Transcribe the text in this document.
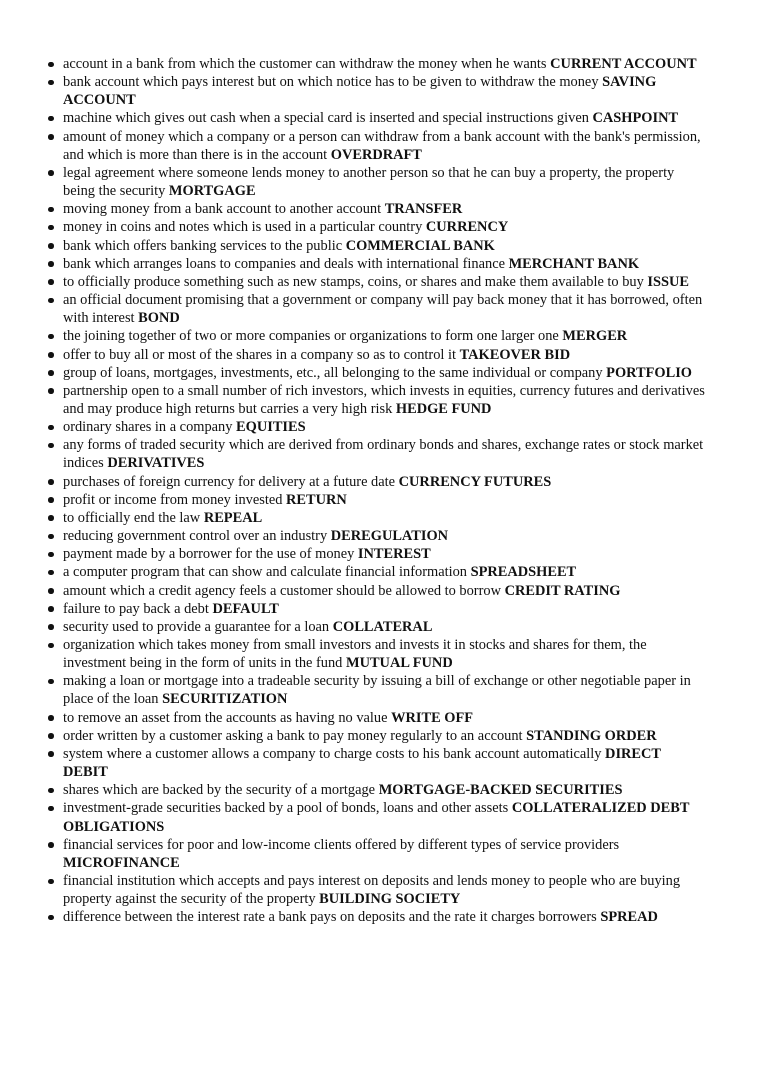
account in a bank from which the customer can withdraw the money when he wants CURRENT ACCOUNT
bank account which pays interest but on which notice has to be given to withdraw the money SAVING ACCOUNT
machine which gives out cash when a special card is inserted and special instructions given CASHPOINT
amount of money which a company or a person can withdraw from a bank account with the bank's permission, and which is more than there is in the account OVERDRAFT
legal agreement where someone lends money to another person so that he can buy a property, the property being the security MORTGAGE
moving money from a bank account to another account TRANSFER
money in coins and notes which is used in a particular country CURRENCY
bank which offers banking services to the public COMMERCIAL BANK
bank which arranges loans to companies and deals with international finance MERCHANT BANK
to officially produce something such as new stamps, coins, or shares and make them available to buy ISSUE
an official document promising that a government or company will pay back money that it has borrowed, often with interest BOND
the joining together of two or more companies or organizations to form one larger one MERGER
offer to buy all or most of the shares in a company so as to control it TAKEOVER BID
group of loans, mortgages, investments, etc., all belonging to the same individual or company PORTFOLIO
partnership open to a small number of rich investors, which invests in equities, currency futures and derivatives and may produce high returns but carries a very high risk HEDGE FUND
ordinary shares in a company EQUITIES
any forms of traded security which are derived from ordinary bonds and shares, exchange rates or stock market indices DERIVATIVES
purchases of foreign currency for delivery at a future date CURRENCY FUTURES
profit or income from money invested RETURN
to officially end the law REPEAL
reducing government control over an industry DEREGULATION
payment made by a borrower for the use of money INTEREST
a computer program that can show and calculate financial information SPREADSHEET
amount which a credit agency feels a customer should be allowed to borrow CREDIT RATING
failure to pay back a debt DEFAULT
security used to provide a guarantee for a loan COLLATERAL
organization which takes money from small investors and invests it in stocks and shares for them, the investment being in the form of units in the fund MUTUAL FUND
making a loan or mortgage into a tradeable security by issuing a bill of exchange or other negotiable paper in place of the loan SECURITIZATION
to remove an asset from the accounts as having no value WRITE OFF
order written by a customer asking a bank to pay money regularly to an account STANDING ORDER
system where a customer allows a company to charge costs to his bank account automatically DIRECT DEBIT
shares which are backed by the security of a mortgage MORTGAGE-BACKED SECURITIES
investment-grade securities backed by a pool of bonds, loans and other assets COLLATERALIZED DEBT OBLIGATIONS
financial services for poor and low-income clients offered by different types of service providers MICROFINANCE
financial institution which accepts and pays interest on deposits and lends money to people who are buying property against the security of the property BUILDING SOCIETY
difference between the interest rate a bank pays on deposits and the rate it charges borrowers SPREAD
